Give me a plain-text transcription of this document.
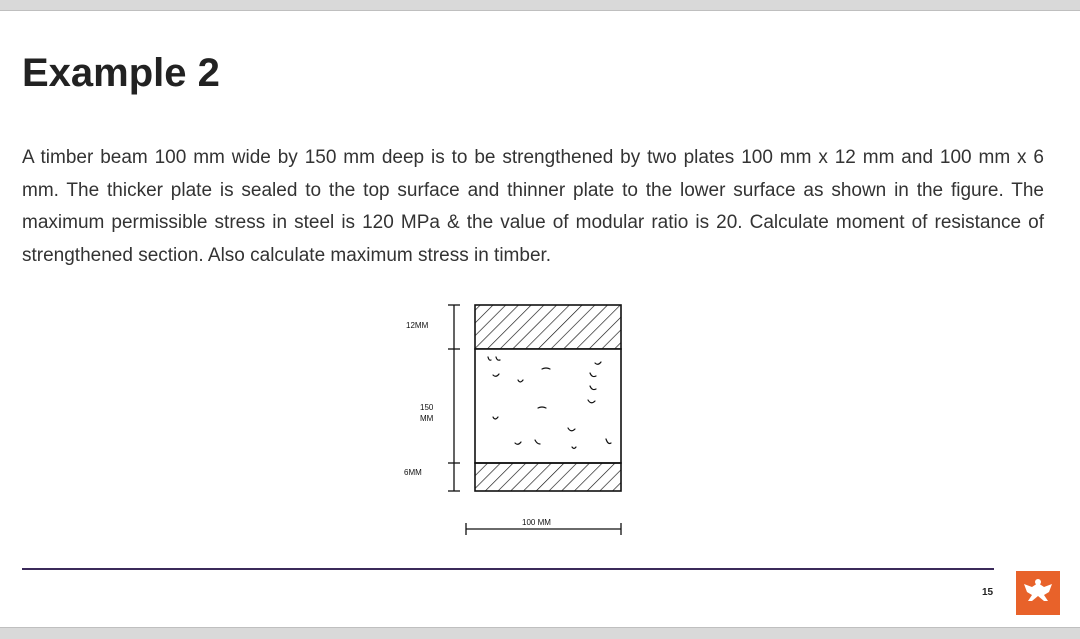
Example 2

A timber beam 100 mm wide by 150 mm deep is to be strengthened by two plates 100 mm x 12 mm and 100 mm x 6 mm. The thicker plate is sealed to the top surface and thinner plate to the lower surface as shown in the figure. The maximum permissible stress in steel is 120 MPa & the value of modular ratio is 20. Calculate moment of resistance of strengthened section. Also calculate maximum stress in timber.

12MM
150
MM
6MM
100 MM
15
